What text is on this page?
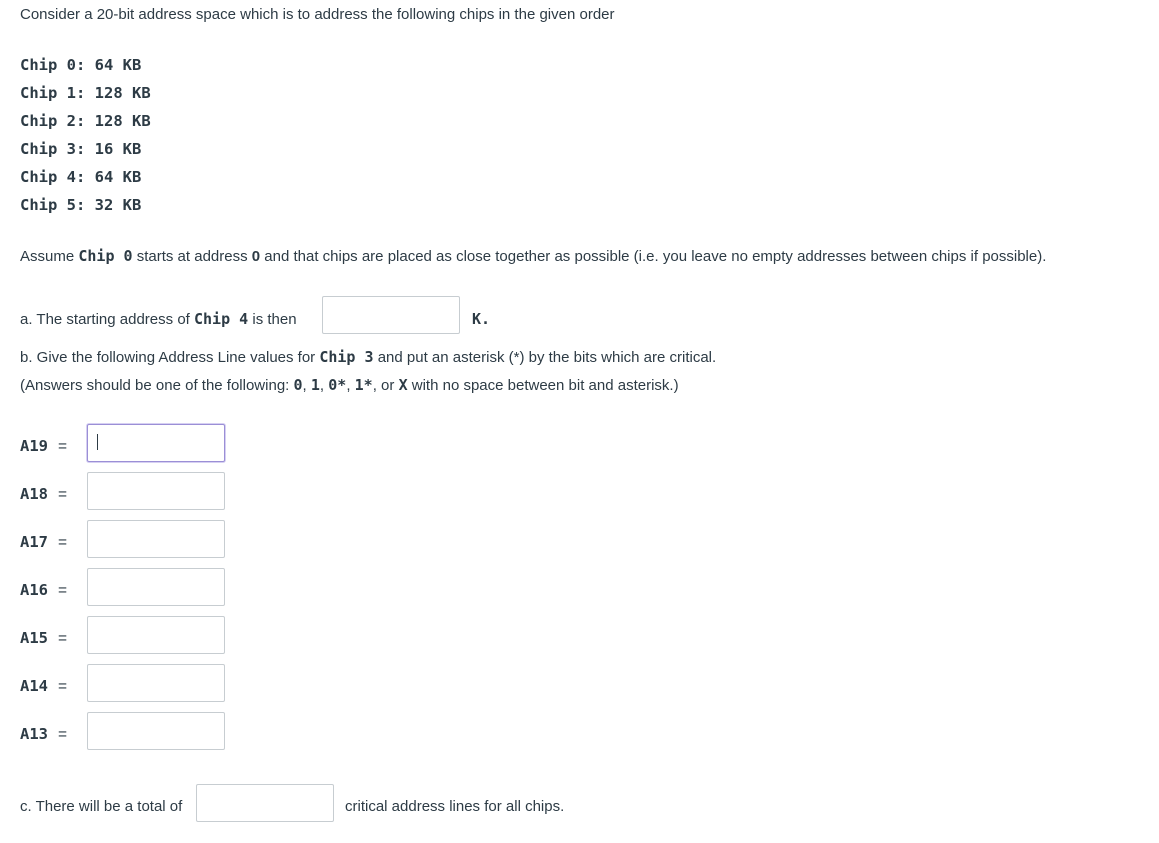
Consider a 20-bit address space which is to address the following chips in the given order
Chip 0: 64 KB
Chip 1: 128 KB
Chip 2: 128 KB
Chip 3: 16 KB
Chip 4: 64 KB
Chip 5: 32 KB
Assume Chip 0 starts at address 0 and that chips are placed as close together as possible (i.e. you leave no empty addresses between chips if possible).
a. The starting address of Chip 4 is then	K.
b. Give the following Address Line values for Chip 3 and put an asterisk (*) by the bits which are critical.
(Answers should be one of the following: 0, 1, 0*, 1*, or X with no space between bit and asterisk.)
A19 =
A18 =
A17 =
A16 =
A15 =
A14 =
A13 =
c. There will be a total of	critical address lines for all chips.
